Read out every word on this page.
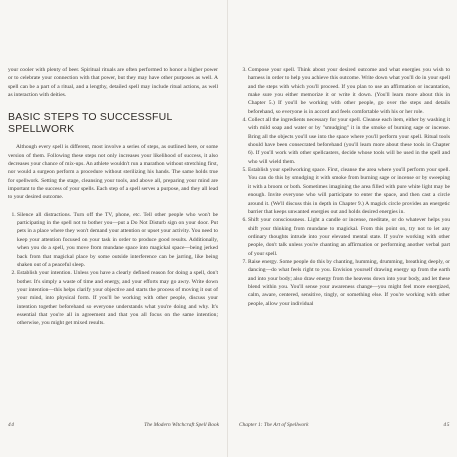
your cooler with plenty of beer. Spiritual rituals are often performed to honor a higher power or to celebrate your connection with that power, but they may have other purposes as well. A spell can be a part of a ritual, and a lengthy, detailed spell may include ritual actions, as well as interaction with deities.

BASIC STEPS TO SUCCESSFUL SPELLWORK

Although every spell is different, most involve a series of steps, as outlined here, or some version of them. Following these steps not only increases your likelihood of success, it also decreases your chance of mix-ups. An athlete wouldn't run a marathon without stretching first, nor would a surgeon perform a procedure without sterilizing his hands. The same holds true for spellwork. Setting the stage, cleansing your tools, and above all, preparing your mind are important to the success of your spells. Each step of a spell serves a purpose, and they all lead to your desired outcome.

1. Silence all distractions. Turn off the TV, phone, etc. Tell other people who won't be participating in the spell not to bother you—put a Do Not Disturb sign on your door. Put pets in a place where they won't demand your attention or upset your activity. You need to keep your attention focused on your task in order to produce good results. Additionally, when you do a spell, you move from mundane space into magickal space—being jerked back from that magickal place by some outside interference can be jarring, like being shaken out of a peaceful sleep.
2. Establish your intention. Unless you have a clearly defined reason for doing a spell, don't bother. It's simply a waste of time and energy, and your efforts may go awry. Write down your intention—this helps clarify your objective and starts the process of moving it out of your mind, into physical form. If you'll be working with other people, discuss your intention together beforehand so everyone understands what you're doing and why. It's essential that you're all in agreement and that you all focus on the same intention; otherwise, you might get mixed results.
44	The Modern Witchcraft Spell Book
3. Compose your spell. Think about your desired outcome and what energies you wish to harness in order to help you achieve this outcome. Write down what you'll do in your spell and the steps with which you'll proceed. If you plan to use an affirmation or incantation, make sure you either memorize it or write it down. (You'll learn more about this in Chapter 5.) If you'll be working with other people, go over the steps and details beforehand, so everyone is in accord and feels comfortable with his or her role.
4. Collect all the ingredients necessary for your spell. Cleanse each item, either by washing it with mild soap and water or by "smudging" it in the smoke of burning sage or incense. Bring all the objects you'll use into the space where you'll perform your spell. Ritual tools should have been consecrated beforehand (you'll learn more about these tools in Chapter 6). If you'll work with other spellcasters, decide whose tools will be used in the spell and who will wield them.
5. Establish your spellworking space. First, cleanse the area where you'll perform your spell. You can do this by smudging it with smoke from burning sage or incense or by sweeping it with a broom or both. Sometimes imagining the area filled with pure white light may be enough. Invite everyone who will participate to enter the space, and then cast a circle around it. (We'll discuss this in depth in Chapter 9.) A magick circle provides an energetic barrier that keeps unwanted energies out and holds desired energies in.
6. Shift your consciousness. Light a candle or incense, meditate, or do whatever helps you shift your thinking from mundane to magickal. From this point on, try not to let any ordinary thoughts intrude into your elevated mental state. If you're working with other people, don't talk unless you're chanting an affirmation or performing another verbal part of your spell.
7. Raise energy. Some people do this by chanting, humming, drumming, breathing deeply, or dancing—do what feels right to you. Envision yourself drawing energy up from the earth and into your body; also draw energy from the heavens down into your body, and let these blend within you. You'll sense your awareness change—you might feel more energized, calm, aware, centered, sensitive, tingly, or something else. If you're working with other people, allow your individual
Chapter 1: The Art of Spellwork	45
